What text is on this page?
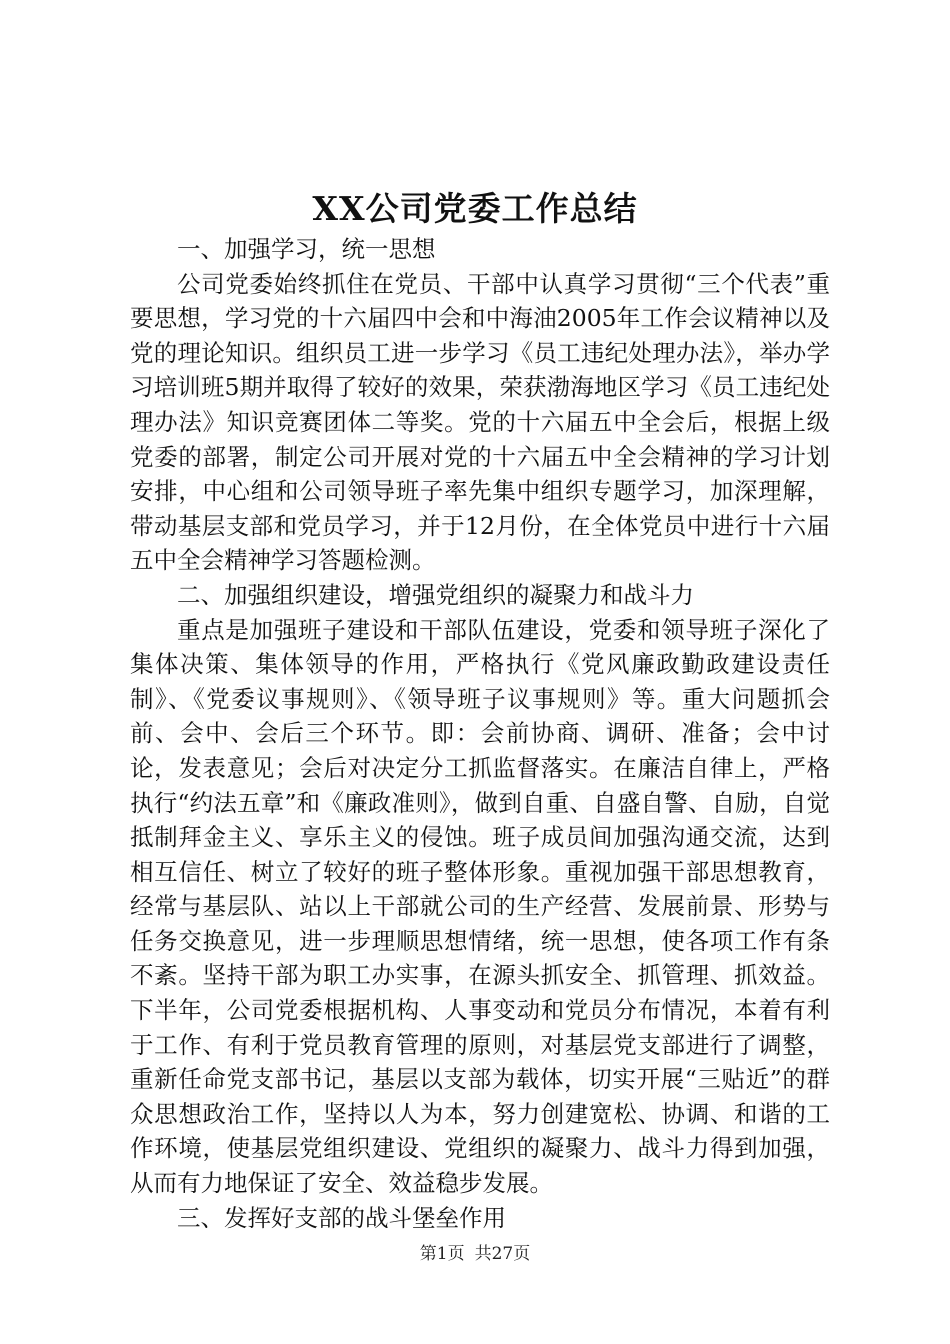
XX公司党委工作总结

一、加强学习，统一思想

公司党委始终抓住在党员、干部中认真学习贯彻“三个代表”重要思想，学习党的十六届四中会和中海油2005年工作会议精神以及党的理论知识。组织员工进一步学习《员工违纪处理办法》，举办学习培训班5期并取得了较好的效果，荣获渤海地区学习《员工违纪处理办法》知识竞赛团体二等奖。党的十六届五中全会后，根据上级党委的部署，制定公司开展对党的十六届五中全会精神的学习计划安排，中心组和公司领导班子率先集中组织专题学习，加深理解，带动基层支部和党员学习，并于12月份，在全体党员中进行十六届五中全会精神学习答题检测。

二、加强组织建设，增强党组织的凝聚力和战斗力

重点是加强班子建设和干部队伍建设，党委和领导班子深化了集体决策、集体领导的作用，严格执行《党风廉政勤政建设责任制》、《党委议事规则》、《领导班子议事规则》等。重大问题抓会前、会中、会后三个环节。即：会前协商、调研、准备；会中讨论，发表意见；会后对决定分工抓监督落实。在廉洁自律上，严格执行“约法五章”和《廉政准则》，做到自重、自盛自警、自励，自觉抵制拜金主义、享乐主义的侵蚀。班子成员间加强沟通交流，达到相互信任、树立了较好的班子整体形象。重视加强干部思想教育，经常与基层队、站以上干部就公司的生产经营、发展前景、形势与任务交换意见，进一步理顺思想情绪，统一思想，使各项工作有条不紊。坚持干部为职工办实事，在源头抓安全、抓管理、抓效益。下半年，公司党委根据机构、人事变动和党员分布情况，本着有利于工作、有利于党员教育管理的原则，对基层党支部进行了调整，重新任命党支部书记，基层以支部为载体，切实开展“三贴近”的群众思想政治工作，坚持以人为本，努力创建宽松、协调、和谐的工作环境，使基层党组织建设、党组织的凝聚力、战斗力得到加强，从而有力地保证了安全、效益稳步发展。

三、发挥好支部的战斗堡垒作用

第1页 共27页
